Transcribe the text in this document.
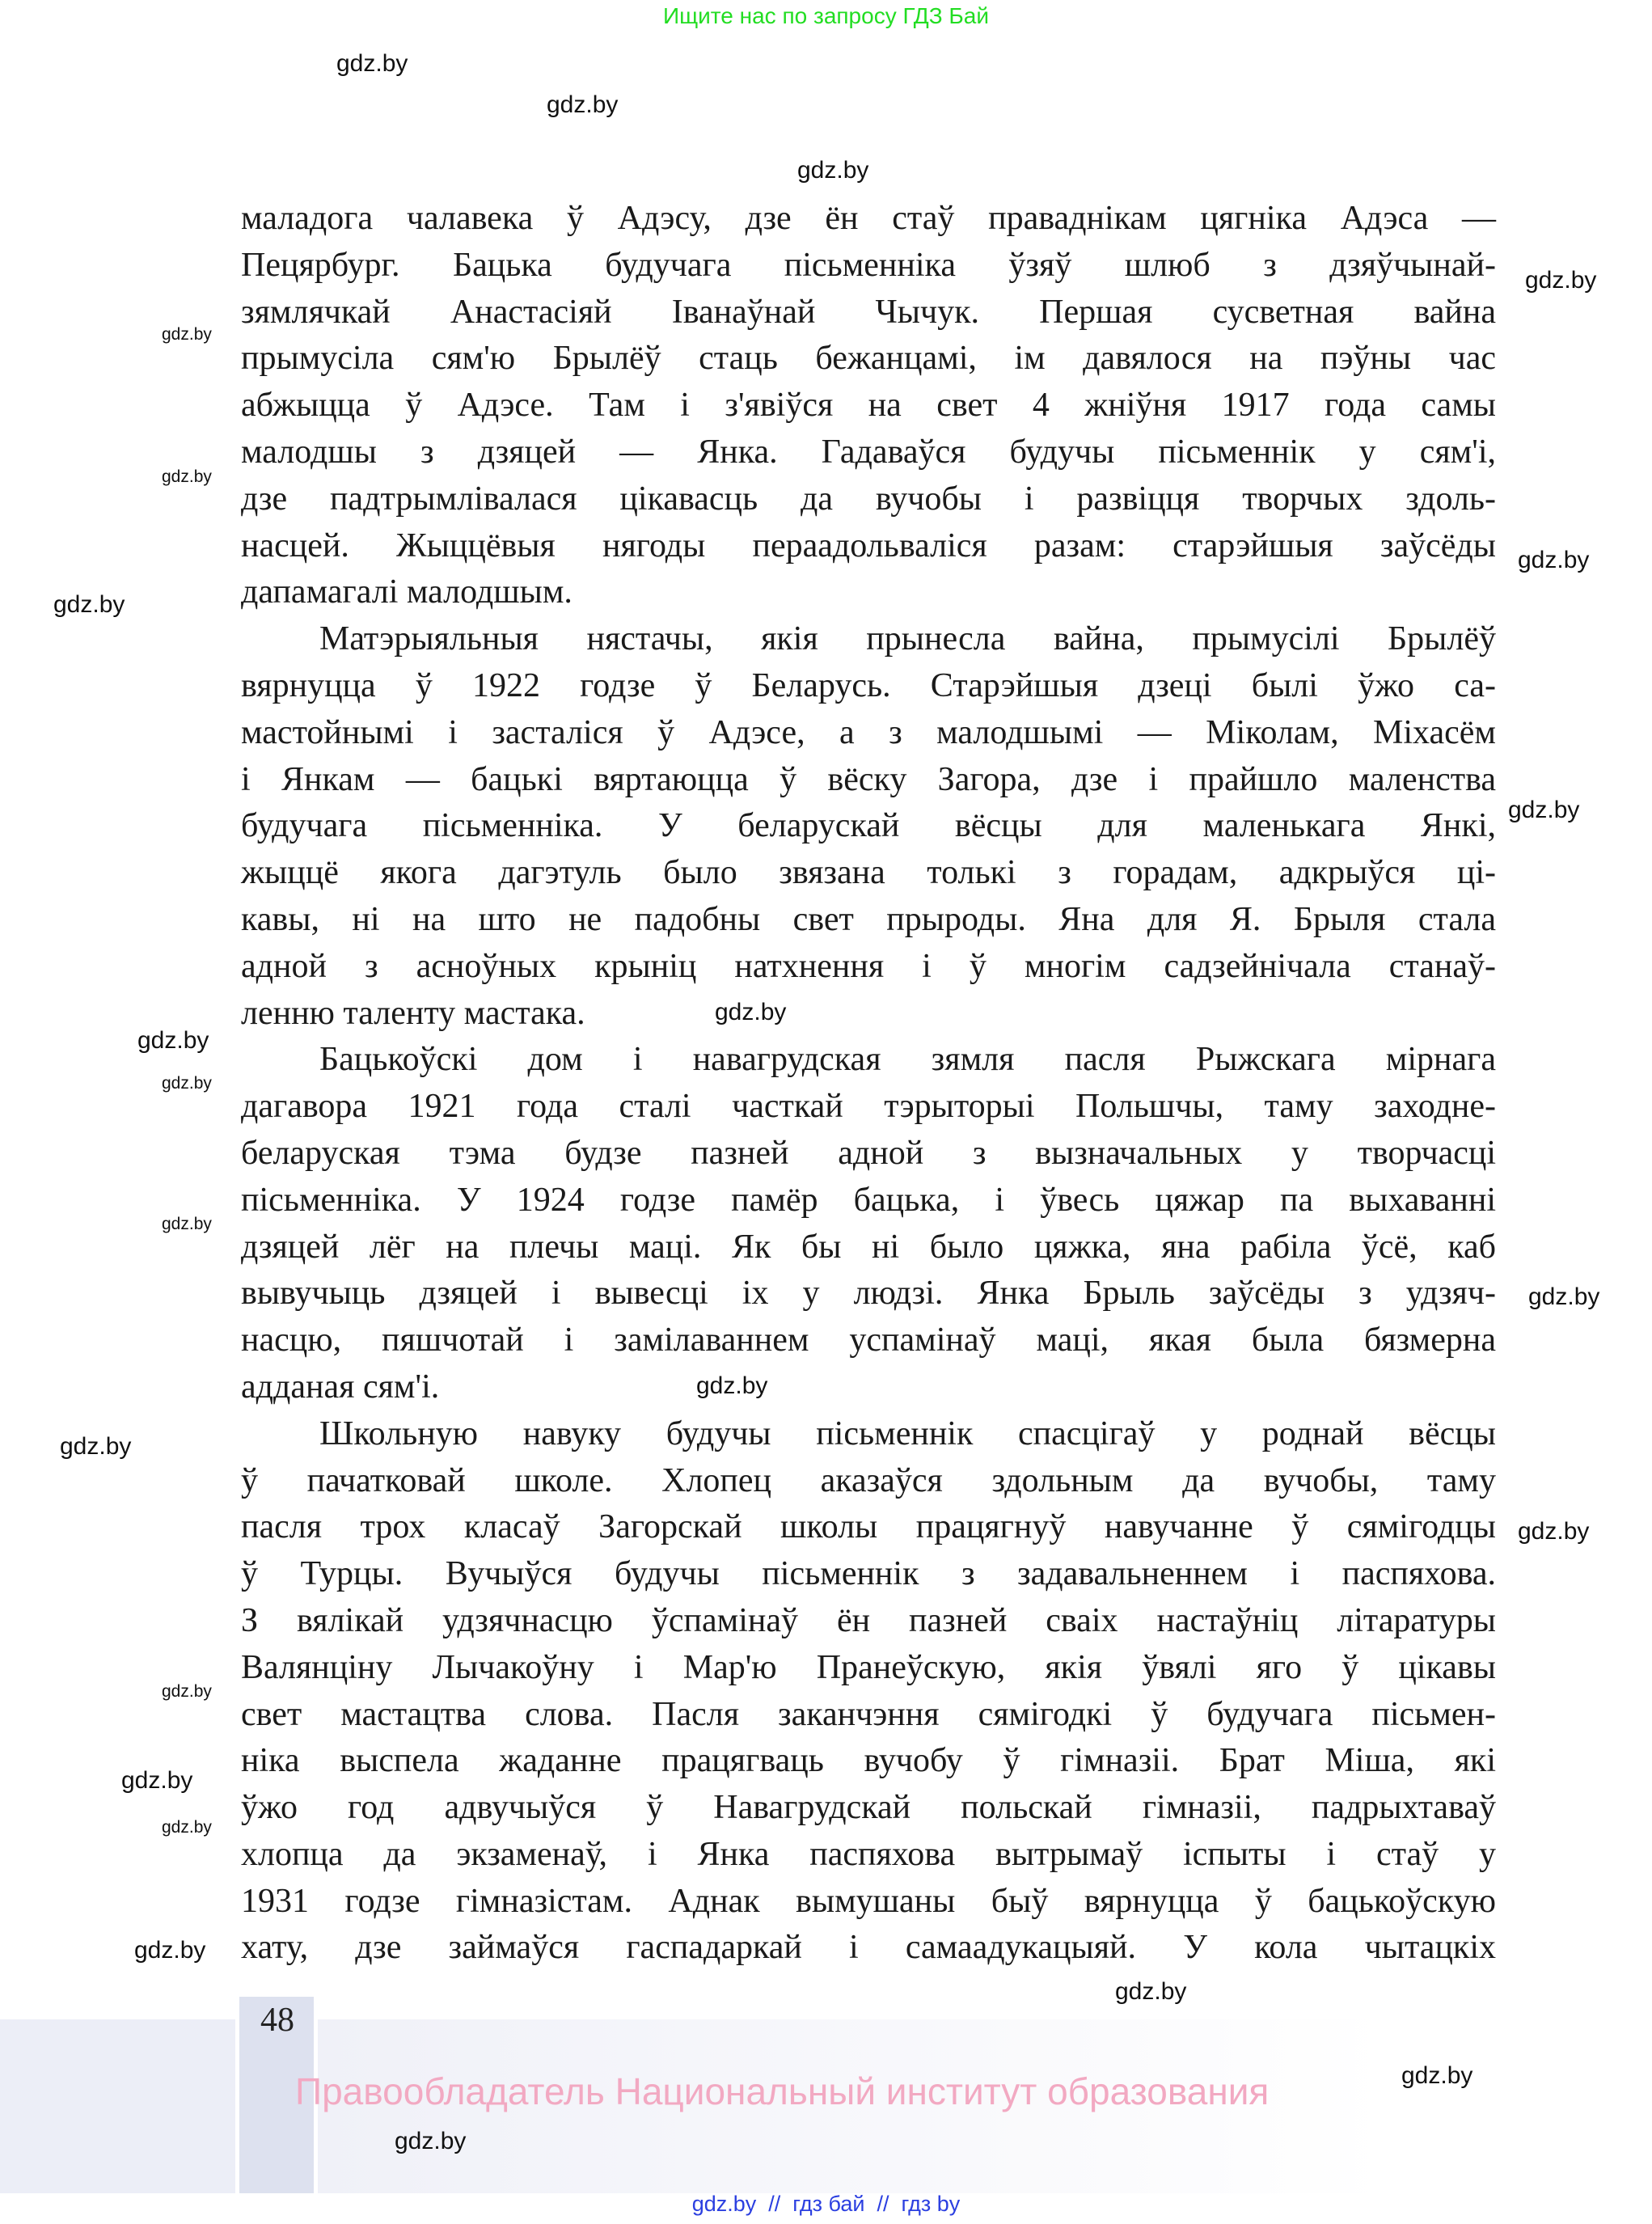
Ищите нас по запросу ГДЗ Бай
маладога чалавека ў Адэсу, дзе ён стаў праваднікам цягніка Адэса —
Пецярбург. Бацька будучага пісьменніка ўзяў шлюб з дзяўчынай-
зямлячкай Анастасіяй Іванаўнай Чычук. Першая сусветная вайна
прымусіла сям'ю Брылёў стаць бежанцамі, ім давялося на пэўны час
абжыцца ў Адэсе. Там і з'явіўся на свет 4 жніўня 1917 года самы
малодшы з дзяцей — Янка. Гадаваўся будучы пісьменнік у сям'і,
дзе падтрымлівалася цікавасць да вучобы і развіцця творчых здоль-
насцей. Жыццёвыя нягоды пераадольваліся разам: старэйшыя заўсёды
дапамагалі малодшым.
Матэрыяльныя нястачы, якія прынесла вайна, прымусілі Брылёў
вярнуцца ў 1922 годзе ў Беларусь. Старэйшыя дзеці былі ўжо са-
мастойнымі і засталіся ў Адэсе, а з малодшымі — Міколам, Міхасём
і Янкам — бацькі вяртаюцца ў вёску Загора, дзе і прайшло маленства
будучага пісьменніка. У беларускай вёсцы для маленькага Янкі,
жыццё якога дагэтуль было звязана толькі з горадам, адкрыўся ці-
кавы, ні на што не падобны свет прыроды. Яна для Я. Брыля стала
адной з асноўных крыніц натхнення і ў многім садзейнічала станаў-
ленню таленту мастака.
Бацькоўскі дом і навагрудская зямля пасля Рыжскага мірнага
дагавора 1921 года сталі часткай тэрыторыі Польшчы, таму заходне-
беларуская тэма будзе пазней адной з вызначальных у творчасці
пісьменніка. У 1924 годзе памёр бацька, і ўвесь цяжар па выхаванні
дзяцей лёг на плечы маці. Як бы ні было цяжка, яна рабіла ўсё, каб
вывучыць дзяцей і вывесці іх у людзі. Янка Брыль заўсёды з удзяч-
насцю, пяшчотай і замілаваннем успамінаў маці, якая была бязмерна
адданая сям'і.
Школьную навуку будучы пісьменнік спасцігаў у роднай вёсцы
ў пачатковай школе. Хлопец аказаўся здольным да вучобы, таму
пасля трох класаў Загорскай школы працягнуў навучанне ў сямігодцы
ў Турцы. Вучыўся будучы пісьменнік з задавальненнем і паспяхова.
З вялікай удзячнасцю ўспамінаў ён пазней сваіх настаўніц літаратуры
Валянціну Лычакоўну і Мар'ю Пранеўскую, якія ўвялі яго ў цікавы
свет мастацтва слова. Пасля заканчэння сямігодкі ў будучага пісьмен-
ніка выспела жаданне працягваць вучобу ў гімназіі. Брат Міша, які
ўжо год адвучыўся ў Навагрудскай польскай гімназіі, падрыхтаваў
хлопца да экзаменаў, і Янка паспяхова вытрымаў іспыты і стаў у
1931 годзе гімназістам. Аднак вымушаны быў вярнуцца ў бацькоўскую
хату, дзе займаўся гаспадаркай і самаадукацыяй. У кола чытацкіх
48
Правообладатель Национальный институт образования
gdz.by  //  гдз бай  //  гдз by
gdz.by
gdz.by
gdz.by
gdz.by
gdz.by
gdz.by
gdz.by
gdz.by
gdz.by
gdz.by
gdz.by
gdz.by
gdz.by
gdz.by
gdz.by
gdz.by
gdz.by
gdz.by
gdz.by
gdz.by
gdz.by
gdz.by
gdz.by
gdz.by
